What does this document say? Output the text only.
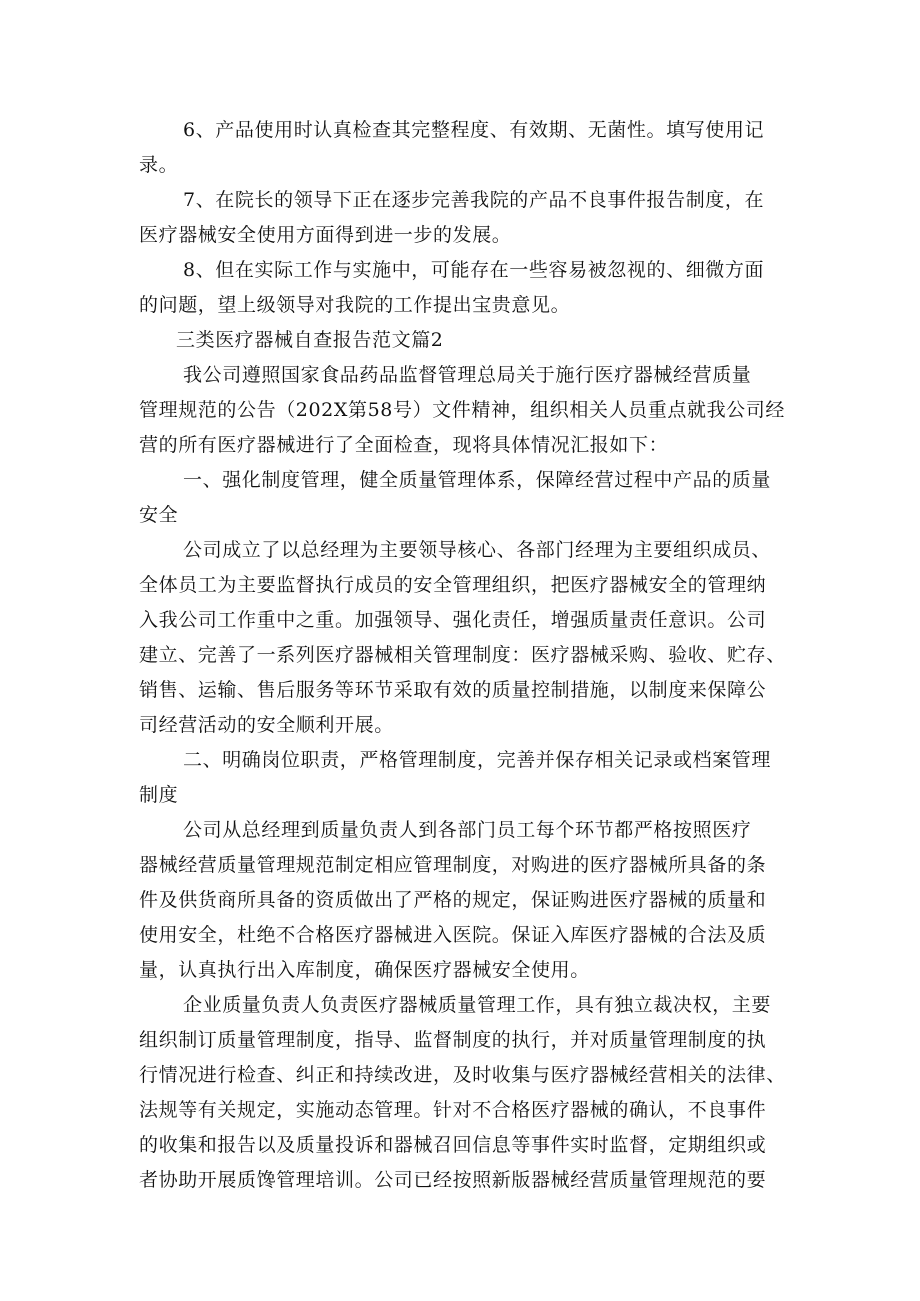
6、产品使用时认真检查其完整程度、有效期、无菌性。填写使用记

录。

7、在院长的领导下正在逐步完善我院的产品不良事件报告制度，在

医疗器械安全使用方面得到进一步的发展。

8、但在实际工作与实施中，可能存在一些容易被忽视的、细微方面

的问题，望上级领导对我院的工作提出宝贵意见。

三类医疗器械自查报告范文篇2

我公司遵照国家食品药品监督管理总局关于施行医疗器械经营质量

管理规范的公告（202X第58号）文件精神，组织相关人员重点就我公司经

营的所有医疗器械进行了全面检查，现将具体情况汇报如下：

一、强化制度管理，健全质量管理体系，保障经营过程中产品的质量

安全

公司成立了以总经理为主要领导核心、各部门经理为主要组织成员、

全体员工为主要监督执行成员的安全管理组织，把医疗器械安全的管理纳

入我公司工作重中之重。加强领导、强化责任，增强质量责任意识。公司

建立、完善了一系列医疗器械相关管理制度：医疗器械采购、验收、贮存、

销售、运输、售后服务等环节采取有效的质量控制措施，以制度来保障公

司经营活动的安全顺利开展。

二、明确岗位职责，严格管理制度，完善并保存相关记录或档案管理

制度

公司从总经理到质量负责人到各部门员工每个环节都严格按照医疗

器械经营质量管理规范制定相应管理制度，对购进的医疗器械所具备的条

件及供货商所具备的资质做出了严格的规定，保证购进医疗器械的质量和

使用安全，杜绝不合格医疗器械进入医院。保证入库医疗器械的合法及质

量，认真执行出入库制度，确保医疗器械安全使用。

企业质量负责人负责医疗器械质量管理工作，具有独立裁决权，主要

组织制订质量管理制度，指导、监督制度的执行，并对质量管理制度的执

行情况进行检查、纠正和持续改进，及时收集与医疗器械经营相关的法律、

法规等有关规定，实施动态管理。针对不合格医疗器械的确认，不良事件

的收集和报告以及质量投诉和器械召回信息等事件实时监督，定期组织或

者协助开展质馋管理培训。公司已经按照新版器械经营质量管理规范的要
